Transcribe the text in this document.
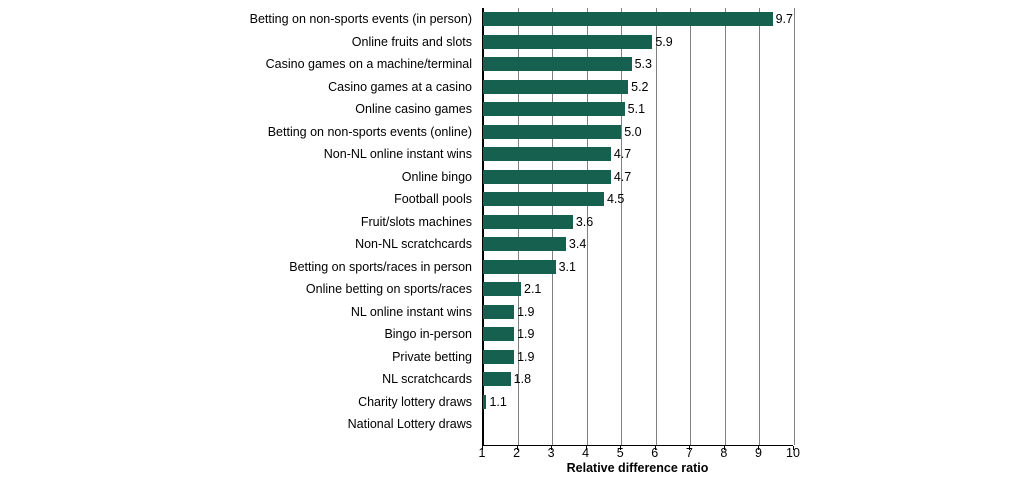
Betting on non-sports events (in person)
Online fruits and slots
Casino games on a machine/terminal
Casino games at a casino
Online casino games
Betting on non-sports events (online)
Non-NL online instant wins
Online bingo
Football pools
Fruit/slots machines
Non-NL scratchcards
Betting on sports/races in person
Online betting on sports/races
NL online instant wins
Bingo in-person
Private betting
NL scratchcards
Charity lottery draws
National Lottery draws
9.7
5.9
5.3
5.2
5.1
5.0
4.7
4.7
4.5
3.6
3.4
3.1
2.1
1.9
1.9
1.9
1.8
1.1
1 2 3 4 5 6 7 8 9 10
Relative difference ratio
